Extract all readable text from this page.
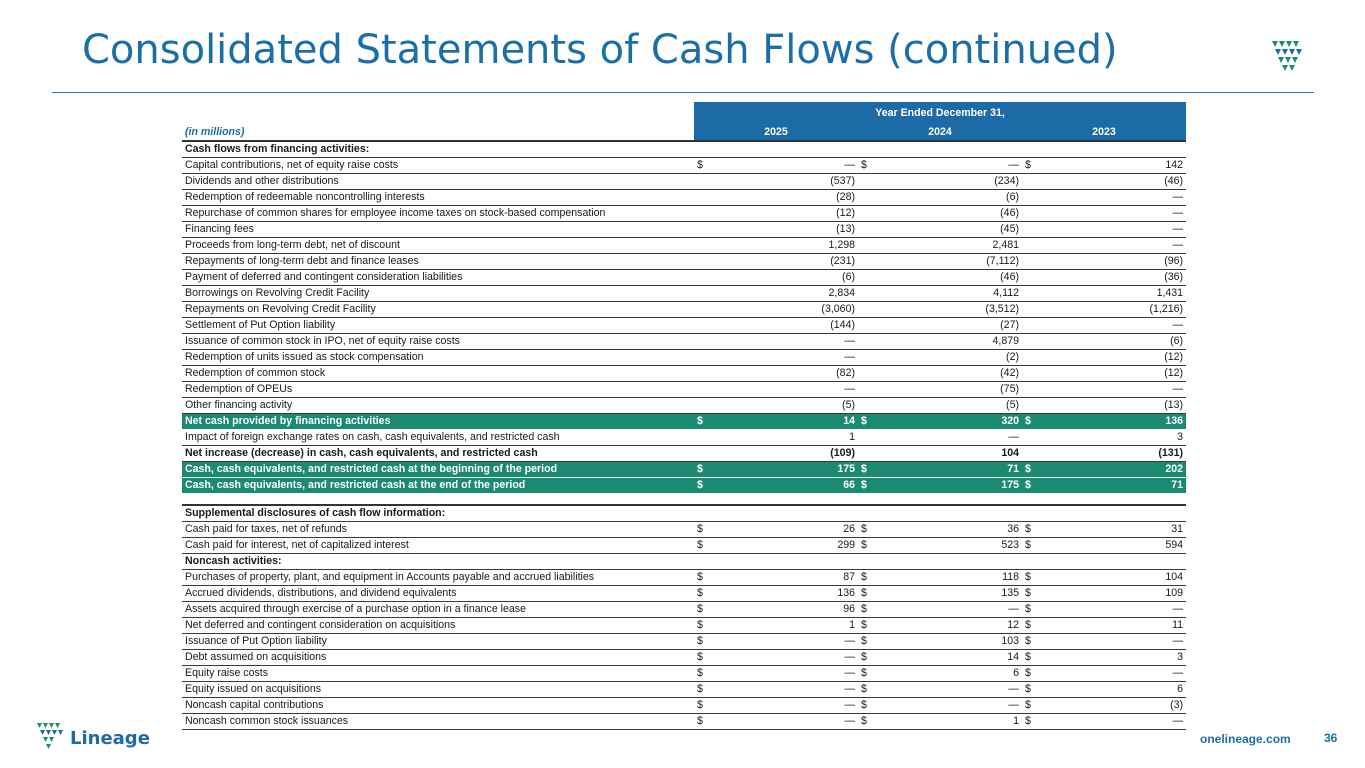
Consolidated Statements of Cash Flows (continued)
	Year Ended December 31,					
(in millions)	2025		2024		2023	
Cash flows from financing activities:						
Capital contributions, net of equity raise costs	$	—	$	—	$	142
Dividends and other distributions		(537)		(234)		(46)
Redemption of redeemable noncontrolling interests		(28)		(6)		—
Repurchase of common shares for employee income taxes on stock-based compensation		(12)		(46)		—
Financing fees		(13)		(45)		—
Proceeds from long-term debt, net of discount		1,298		2,481		—
Repayments of long-term debt and finance leases		(231)		(7,112)		(96)
Payment of deferred and contingent consideration liabilities		(6)		(46)		(36)
Borrowings on Revolving Credit Facility		2,834		4,112		1,431
Repayments on Revolving Credit Facility		(3,060)		(3,512)		(1,216)
Settlement of Put Option liability		(144)		(27)		—
Issuance of common stock in IPO, net of equity raise costs		—		4,879		(6)
Redemption of units issued as stock compensation		—		(2)		(12)
Redemption of common stock		(82)		(42)		(12)
Redemption of OPEUs		—		(75)		—
Other financing activity		(5)		(5)		(13)
Net cash provided by financing activities	$	14	$	320	$	136
Impact of foreign exchange rates on cash, cash equivalents, and restricted cash		1		—		3
Net increase (decrease) in cash, cash equivalents, and restricted cash		(109)		104		(131)
Cash, cash equivalents, and restricted cash at the beginning of the period	$	175	$	71	$	202
Cash, cash equivalents, and restricted cash at the end of the period	$	66	$	175	$	71

Supplemental disclosures of cash flow information:						
Cash paid for taxes, net of refunds	$	26	$	36	$	31
Cash paid for interest, net of capitalized interest	$	299	$	523	$	594
Noncash activities:						
Purchases of property, plant, and equipment in Accounts payable and accrued liabilities	$	87	$	118	$	104
Accrued dividends, distributions, and dividend equivalents	$	136	$	135	$	109
Assets acquired through exercise of a purchase option in a finance lease	$	96	$	—	$	—
Net deferred and contingent consideration on acquisitions	$	1	$	12	$	11
Issuance of Put Option liability	$	—	$	103	$	—
Debt assumed on acquisitions	$	—	$	14	$	3
Equity raise costs	$	—	$	6	$	—
Equity issued on acquisitions	$	—	$	—	$	6
Noncash capital contributions	$	—	$	—	$	(3)
Noncash common stock issuances	$	—	$	1	$	—
Lineage	onelineage.com	36
